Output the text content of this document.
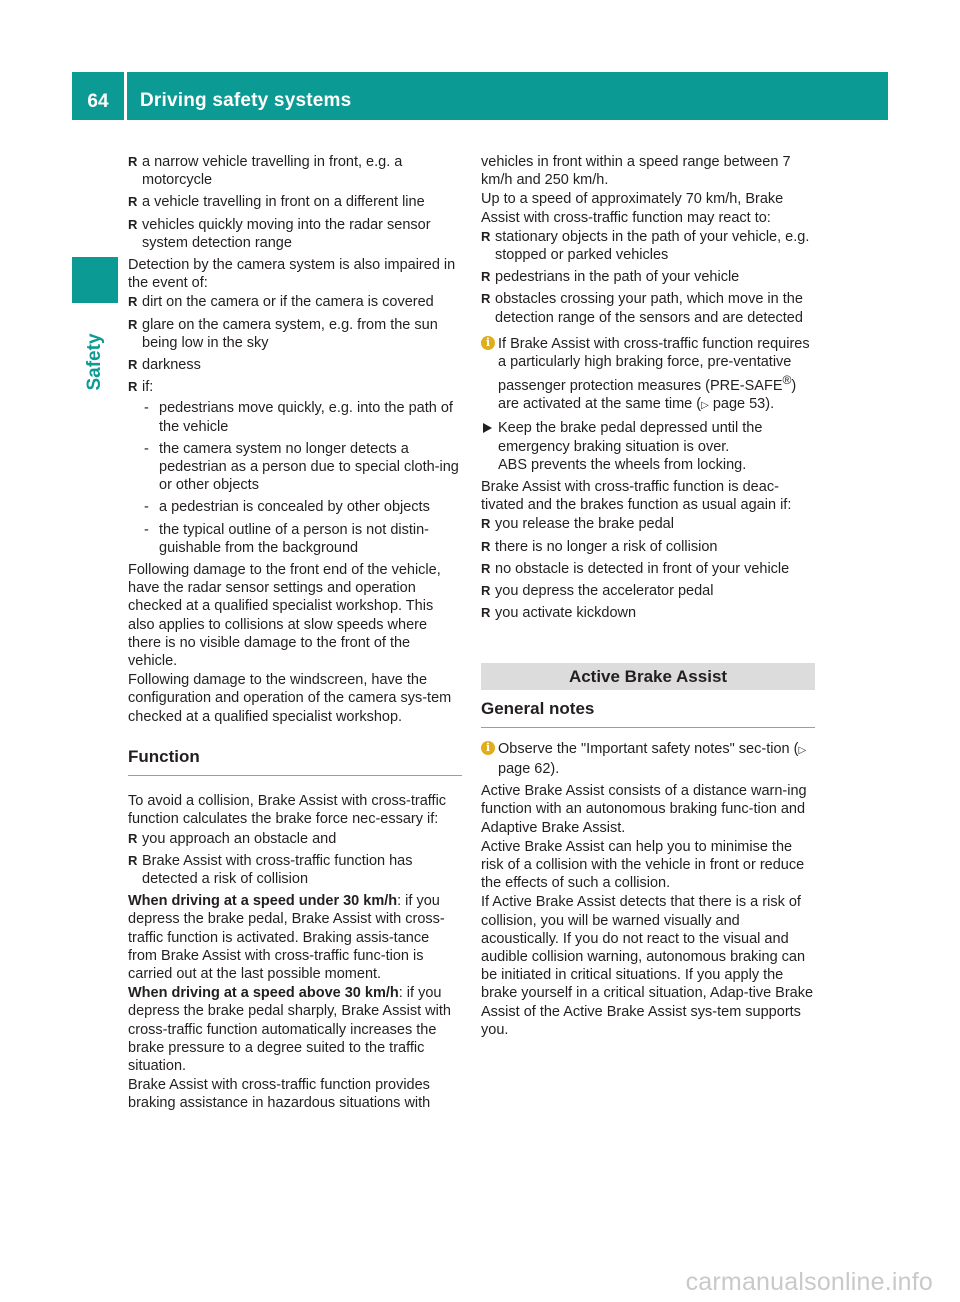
64	Driving safety systems
Safety
R a narrow vehicle travelling in front, e.g. a motorcycle
R a vehicle travelling in front on a different line
R vehicles quickly moving into the radar sensor system detection range

Detection by the camera system is also impaired in the event of:

R dirt on the camera or if the camera is covered
R glare on the camera system, e.g. from the sun being low in the sky
R darkness
R if:
- pedestrians move quickly, e.g. into the path of the vehicle
- the camera system no longer detects a pedestrian as a person due to special cloth-ing or other objects
- a pedestrian is concealed by other objects
- the typical outline of a person is not distin-guishable from the background

Following damage to the front end of the vehicle, have the radar sensor settings and operation checked at a qualified specialist workshop. This also applies to collisions at slow speeds where there is no visible damage to the front of the vehicle.

Following damage to the windscreen, have the configuration and operation of the camera sys-tem checked at a qualified specialist workshop.

Function

To avoid a collision, Brake Assist with cross-traffic function calculates the brake force nec-essary if:

R you approach an obstacle and
R Brake Assist with cross-traffic function has detected a risk of collision

When driving at a speed under 30 km/h: if you depress the brake pedal, Brake Assist with cross-traffic function is activated. Braking assis-tance from Brake Assist with cross-traffic func-tion is carried out at the last possible moment.

When driving at a speed above 30 km/h: if you depress the brake pedal sharply, Brake Assist with cross-traffic function automatically increases the brake pressure to a degree suited to the traffic situation.

Brake Assist with cross-traffic function provides braking assistance in hazardous situations with

vehicles in front within a speed range between 7 km/h and 250 km/h.

Up to a speed of approximately 70 km/h, Brake Assist with cross-traffic function may react to:

R stationary objects in the path of your vehicle, e.g. stopped or parked vehicles
R pedestrians in the path of your vehicle
R obstacles crossing your path, which move in the detection range of the sensors and are detected
i If Brake Assist with cross-traffic function requires a particularly high braking force, pre-ventative passenger protection measures (PRE-SAFE®) are activated at the same time (▷ page 53).
Keep the brake pedal depressed until the emergency braking situation is over.
ABS prevents the wheels from locking.

Brake Assist with cross-traffic function is deac-tivated and the brakes function as usual again if:

R you release the brake pedal
R there is no longer a risk of collision
R no obstacle is detected in front of your vehicle
R you depress the accelerator pedal
R you activate kickdown
Active Brake Assist
General notes
i Observe the "Important safety notes" sec-tion (▷ page 62).

Active Brake Assist consists of a distance warn-ing function with an autonomous braking func-tion and Adaptive Brake Assist.

Active Brake Assist can help you to minimise the risk of a collision with the vehicle in front or reduce the effects of such a collision.

If Active Brake Assist detects that there is a risk of collision, you will be warned visually and acoustically. If you do not react to the visual and audible collision warning, autonomous braking can be initiated in critical situations. If you apply the brake yourself in a critical situation, Adap-tive Brake Assist of the Active Brake Assist sys-tem supports you.

carmanualsonline.info
